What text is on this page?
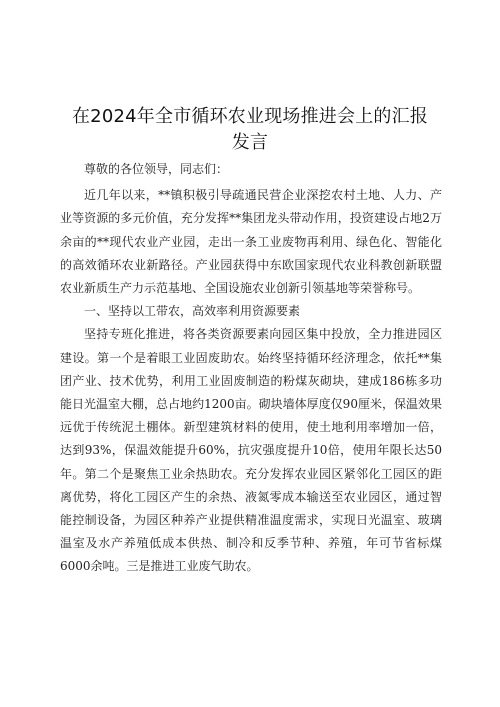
在2024年全市循环农业现场推进会上的汇报发言

尊敬的各位领导，同志们：

近几年以来，**镇积极引导疏通民营企业深挖农村土地、人力、产业等资源的多元价值，充分发挥**集团龙头带动作用，投资建设占地2万余亩的**现代农业产业园，走出一条工业废物再利用、绿色化、智能化的高效循环农业新路径。产业园获得中东欧国家现代农业科教创新联盟农业新质生产力示范基地、全国设施农业创新引领基地等荣誉称号。

一、坚持以工带农，高效率利用资源要素

坚持专班化推进，将各类资源要素向园区集中投放，全力推进园区建设。第一个是着眼工业固废助农。始终坚持循环经济理念，依托**集团产业、技术优势，利用工业固废制造的粉煤灰砌块，建成186栋多功能日光温室大棚，总占地约1200亩。砌块墙体厚度仅90厘米，保温效果远优于传统泥土棚体。新型建筑材料的使用，使土地利用率增加一倍，达到93%，保温效能提升60%，抗灾强度提升10倍，使用年限长达50年。第二个是聚焦工业余热助农。充分发挥农业园区紧邻化工园区的距离优势，将化工园区产生的余热、液氮零成本输送至农业园区，通过智能控制设备，为园区种养产业提供精准温度需求，实现日光温室、玻璃温室及水产养殖低成本供热、制冷和反季节种、养殖，年可节省标煤6000余吨。三是推进工业废气助农。
